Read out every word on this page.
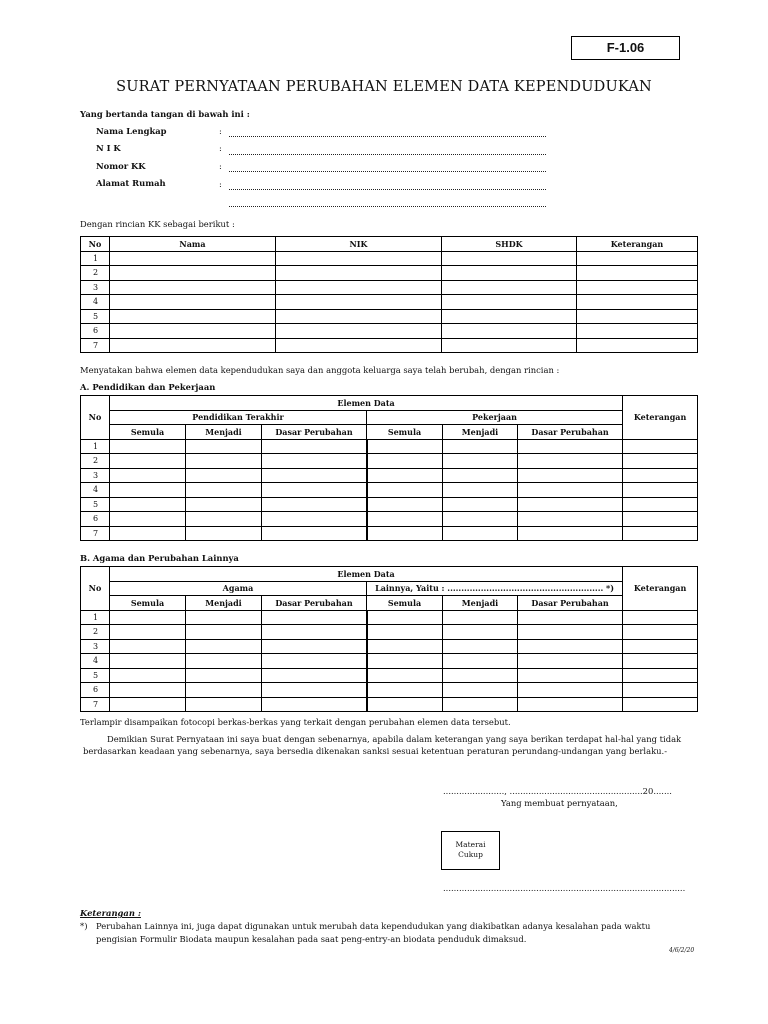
F-1.06
SURAT PERNYATAAN PERUBAHAN ELEMEN DATA KEPENDUDUKAN
Yang bertanda tangan di bawah ini :
Nama Lengkap	:
N I K	:
Nomor KK	:
Alamat Rumah	:
Dengan rincian KK sebagai berikut :
No	Nama	NIK	SHDK	Keterangan
1				
2				
3				
4				
5				
6				
7				
Menyatakan bahwa elemen data kependudukan saya dan anggota keluarga saya telah berubah, dengan rincian :
A. Pendidikan dan Pekerjaan
No	Elemen Data						Keterangan
	Pendidikan Terakhir			Pekerjaan			
	Semula	Menjadi	Dasar Perubahan	Semula	Menjadi	Dasar Perubahan	
1							
2							
3							
4							
5							
6							
7							
B. Agama dan Perubahan Lainnya
No	Elemen Data						Keterangan
	Agama			Lainnya, Yaitu : ........................................................ *)			
	Semula	Menjadi	Dasar Perubahan	Semula	Menjadi	Dasar Perubahan	
1							
2							
3							
4							
5							
6							
7							
Terlampir disampaikan fotocopi berkas-berkas yang terkait dengan perubahan elemen data tersebut.
Demikian Surat Pernyataan ini saya buat dengan sebenarnya, apabila dalam keterangan yang saya berikan terdapat hal-hal yang tidak
berdasarkan keadaan yang sebenarnya, saya bersedia dikenakan sanksi sesuai ketentuan peraturan perundang-undangan yang berlaku.-
......................., ..................................................20.......
Yang membuat pernyataan,
Materai
Cukup
...........................................................................................
Keterangan :
*) Perubahan Lainnya ini, juga dapat digunakan untuk merubah data kependudukan yang diakibatkan adanya kesalahan pada waktu
pengisian Formulir Biodata maupun kesalahan pada saat peng-entry-an biodata penduduk dimaksud.
4/6/2/20
